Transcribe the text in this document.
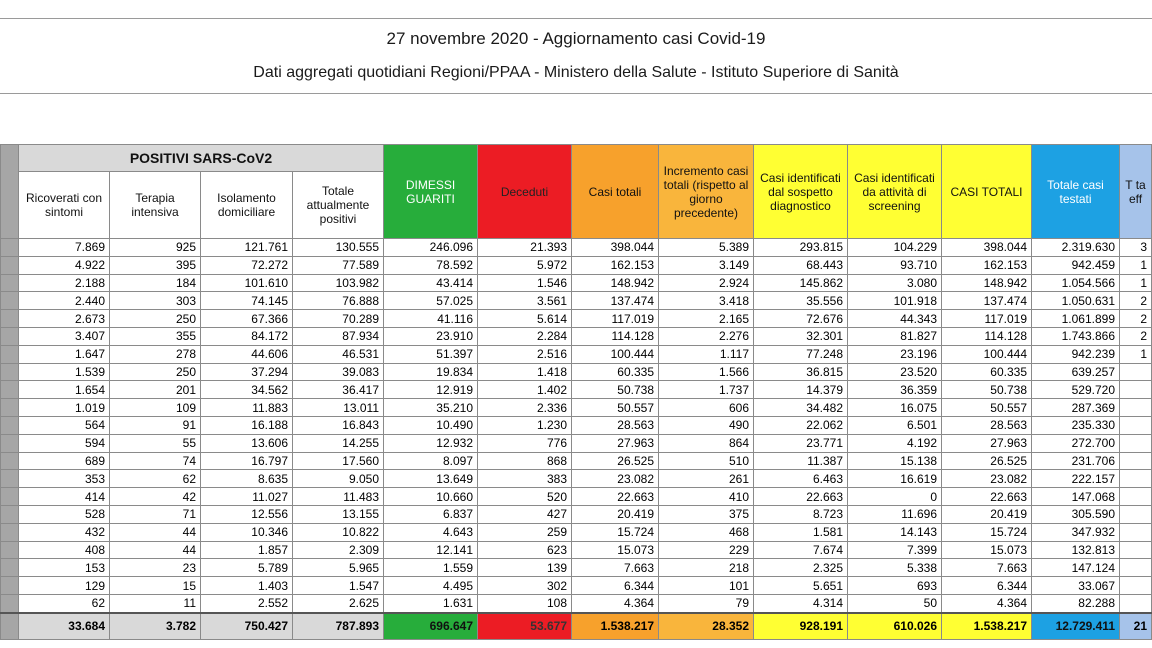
27 novembre 2020 - Aggiornamento casi Covid-19
Dati aggregati quotidiani Regioni/PPAA - Ministero della Salute - Istituto Superiore di Sanità
	POSITIVI SARS-CoV2				DIMESSI GUARITI	Deceduti	Casi totali	Incremento casi totali (rispetto al giorno precedente)	Casi identificati dal sospetto diagnostico	Casi identificati da attività di screening	CASI TOTALI	Totale casi testati	T ta eff
	Ricoverati con sintomi	Terapia intensiva	Isolamento domiciliare	Totale attualmente positivi									
	7.869	925	121.761	130.555	246.096	21.393	398.044	5.389	293.815	104.229	398.044	2.319.630	3
	4.922	395	72.272	77.589	78.592	5.972	162.153	3.149	68.443	93.710	162.153	942.459	1
	2.188	184	101.610	103.982	43.414	1.546	148.942	2.924	145.862	3.080	148.942	1.054.566	1
	2.440	303	74.145	76.888	57.025	3.561	137.474	3.418	35.556	101.918	137.474	1.050.631	2
	2.673	250	67.366	70.289	41.116	5.614	117.019	2.165	72.676	44.343	117.019	1.061.899	2
	3.407	355	84.172	87.934	23.910	2.284	114.128	2.276	32.301	81.827	114.128	1.743.866	2
	1.647	278	44.606	46.531	51.397	2.516	100.444	1.117	77.248	23.196	100.444	942.239	1
	1.539	250	37.294	39.083	19.834	1.418	60.335	1.566	36.815	23.520	60.335	639.257	
	1.654	201	34.562	36.417	12.919	1.402	50.738	1.737	14.379	36.359	50.738	529.720	
	1.019	109	11.883	13.011	35.210	2.336	50.557	606	34.482	16.075	50.557	287.369	
	564	91	16.188	16.843	10.490	1.230	28.563	490	22.062	6.501	28.563	235.330	
	594	55	13.606	14.255	12.932	776	27.963	864	23.771	4.192	27.963	272.700	
	689	74	16.797	17.560	8.097	868	26.525	510	11.387	15.138	26.525	231.706	
	353	62	8.635	9.050	13.649	383	23.082	261	6.463	16.619	23.082	222.157	
	414	42	11.027	11.483	10.660	520	22.663	410	22.663	0	22.663	147.068	
	528	71	12.556	13.155	6.837	427	20.419	375	8.723	11.696	20.419	305.590	
	432	44	10.346	10.822	4.643	259	15.724	468	1.581	14.143	15.724	347.932	
	408	44	1.857	2.309	12.141	623	15.073	229	7.674	7.399	15.073	132.813	
	153	23	5.789	5.965	1.559	139	7.663	218	2.325	5.338	7.663	147.124	
	129	15	1.403	1.547	4.495	302	6.344	101	5.651	693	6.344	33.067	
	62	11	2.552	2.625	1.631	108	4.364	79	4.314	50	4.364	82.288	
	33.684	3.782	750.427	787.893	696.647	53.677	1.538.217	28.352	928.191	610.026	1.538.217	12.729.411	21
